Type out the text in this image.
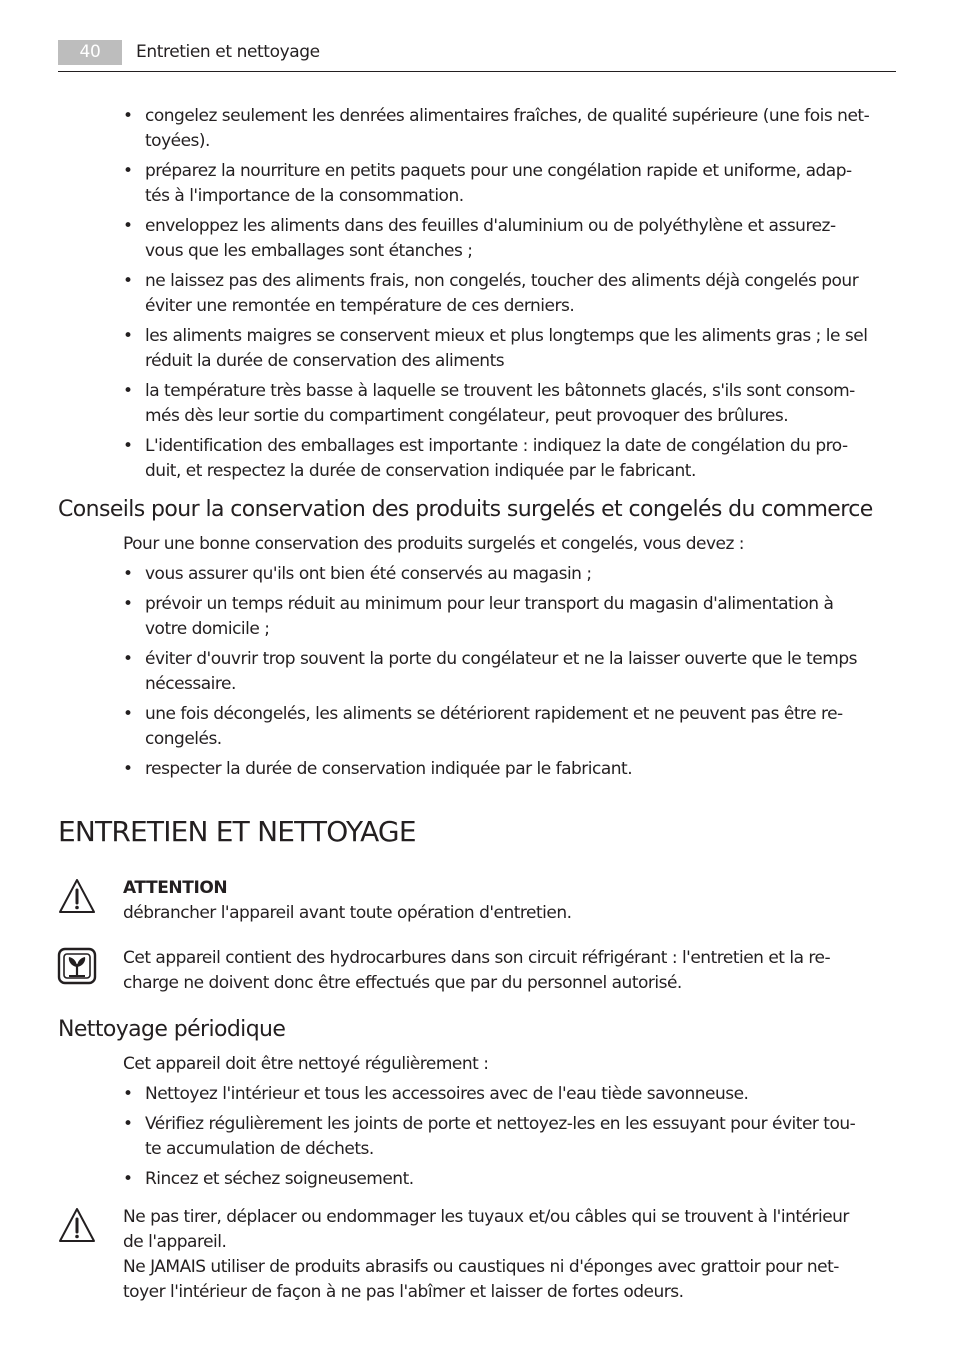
40	Entretien et nettoyage
• congelez seulement les denrées alimentaires fraîches, de qualité supérieure (une fois net-
toyées).
• préparez la nourriture en petits paquets pour une congélation rapide et uniforme, adap-
tés à l'importance de la consommation.
• enveloppez les aliments dans des feuilles d'aluminium ou de polyéthylène et assurez-
vous que les emballages sont étanches ;
• ne laissez pas des aliments frais, non congelés, toucher des aliments déjà congelés pour
éviter une remontée en température de ces derniers.
• les aliments maigres se conservent mieux et plus longtemps que les aliments gras ; le sel
réduit la durée de conservation des aliments
• la température très basse à laquelle se trouvent les bâtonnets glacés, s'ils sont consom-
més dès leur sortie du compartiment congélateur, peut provoquer des brûlures.
• L'identification des emballages est importante : indiquez la date de congélation du pro-
duit, et respectez la durée de conservation indiquée par le fabricant.
Conseils pour la conservation des produits surgelés et congelés du commerce
Pour une bonne conservation des produits surgelés et congelés, vous devez :
• vous assurer qu'ils ont bien été conservés au magasin ;
• prévoir un temps réduit au minimum pour leur transport du magasin d'alimentation à
votre domicile ;
• éviter d'ouvrir trop souvent la porte du congélateur et ne la laisser ouverte que le temps
nécessaire.
• une fois décongelés, les aliments se détériorent rapidement et ne peuvent pas être re-
congelés.
• respecter la durée de conservation indiquée par le fabricant.
ENTRETIEN ET NETTOYAGE
ATTENTION
débrancher l'appareil avant toute opération d'entretien.
Cet appareil contient des hydrocarbures dans son circuit réfrigérant : l'entretien et la re-
charge ne doivent donc être effectués que par du personnel autorisé.
Nettoyage périodique
Cet appareil doit être nettoyé régulièrement :
• Nettoyez l'intérieur et tous les accessoires avec de l'eau tiède savonneuse.
• Vérifiez régulièrement les joints de porte et nettoyez-les en les essuyant pour éviter tou-
te accumulation de déchets.
• Rincez et séchez soigneusement.
Ne pas tirer, déplacer ou endommager les tuyaux et/ou câbles qui se trouvent à l'intérieur
de l'appareil.
Ne JAMAIS utiliser de produits abrasifs ou caustiques ni d'éponges avec grattoir pour net-
toyer l'intérieur de façon à ne pas l'abîmer et laisser de fortes odeurs.
